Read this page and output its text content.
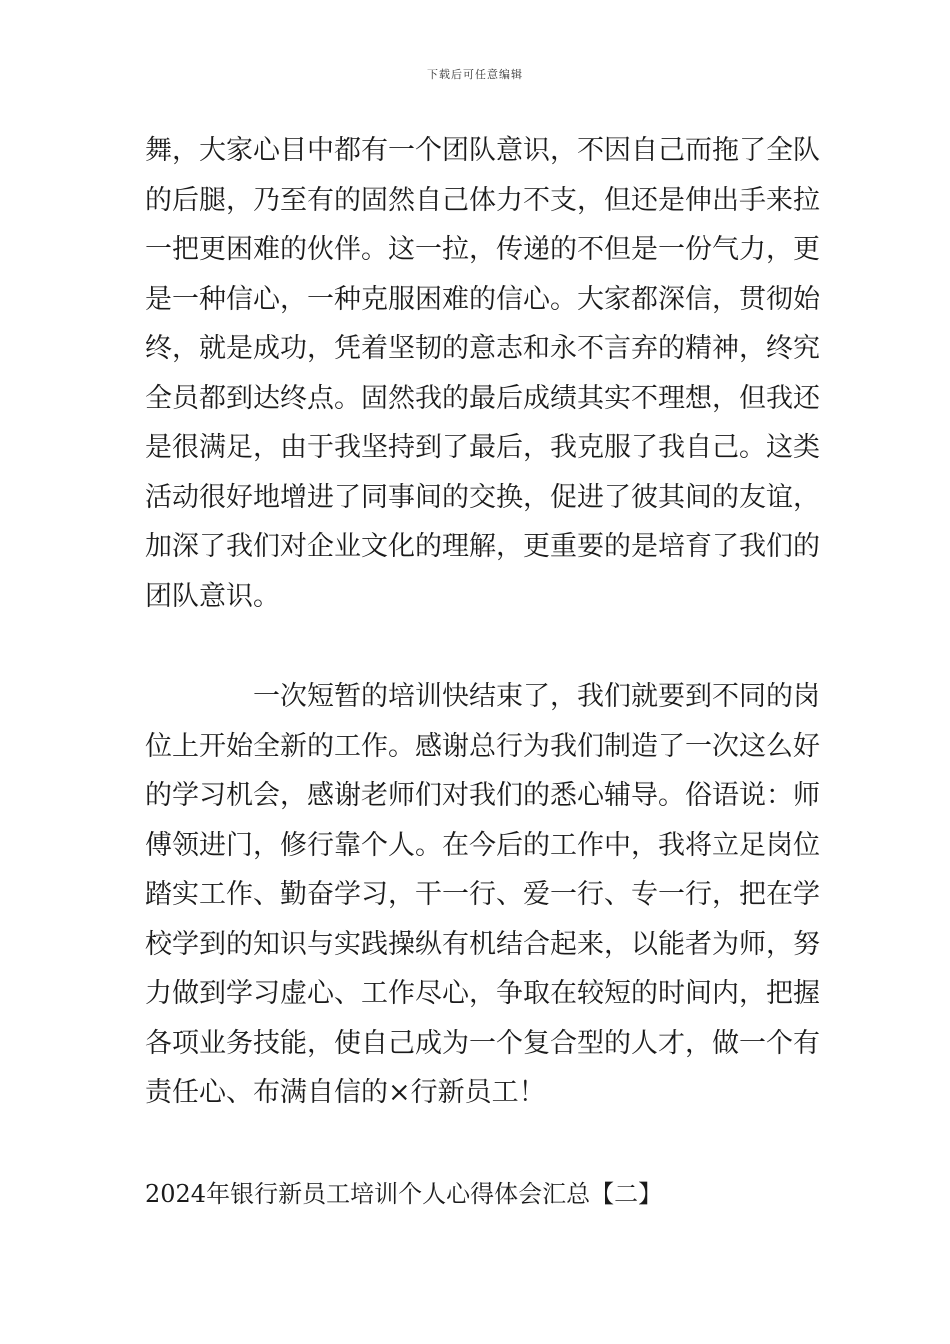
下载后可任意编辑
舞，大家心目中都有一个团队意识，不因自己而拖了全队
的后腿，乃至有的固然自己体力不支，但还是伸出手来拉
一把更困难的伙伴。这一拉，传递的不但是一份气力，更
是一种信心，一种克服困难的信心。大家都深信，贯彻始
终，就是成功，凭着坚韧的意志和永不言弃的精神，终究
全员都到达终点。固然我的最后成绩其实不理想，但我还
是很满足，由于我坚持到了最后，我克服了我自己。这类
活动很好地增进了同事间的交换，促进了彼其间的友谊，
加深了我们对企业文化的理解，更重要的是培育了我们的
团队意识。
一次短暂的培训快结束了，我们就要到不同的岗
位上开始全新的工作。感谢总行为我们制造了一次这么好
的学习机会，感谢老师们对我们的悉心辅导。俗语说：师
傅领进门，修行靠个人。在今后的工作中，我将立足岗位
踏实工作、勤奋学习，干一行、爱一行、专一行，把在学
校学到的知识与实践操纵有机结合起来，以能者为师，努
力做到学习虚心、工作尽心，争取在较短的时间内，把握
各项业务技能，使自己成为一个复合型的人才，做一个有
责任心、布满自信的×行新员工！
2024年银行新员工培训个人心得体会汇总【二】
